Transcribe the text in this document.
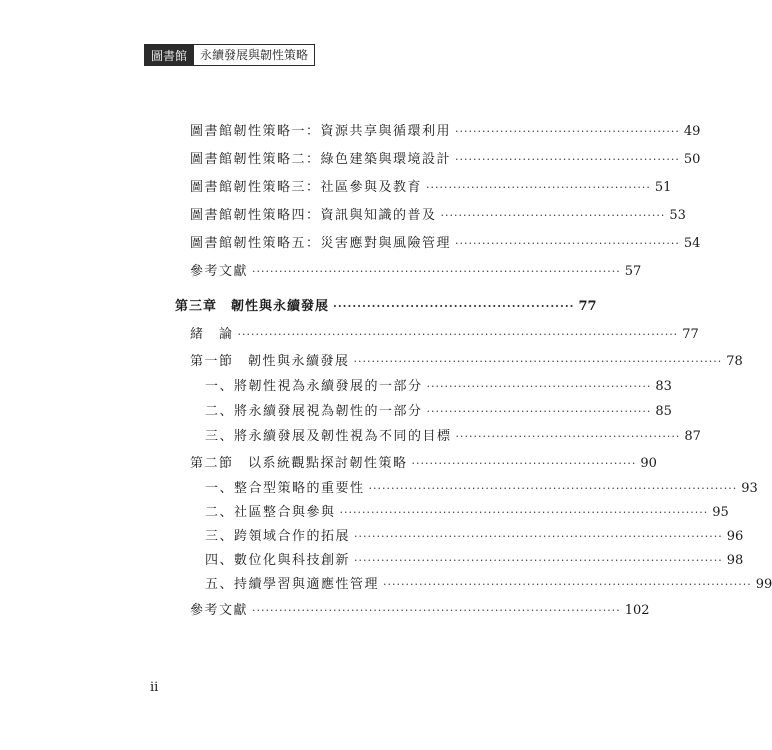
圖書館	永續發展與韌性策略
圖書館韌性策略一：資源共享與循環利用 ·················································· 49
圖書館韌性策略二：綠色建築與環境設計 ·················································· 50
圖書館韌性策略三：社區參與及教育 ·················································· 51
圖書館韌性策略四：資訊與知識的普及 ·················································· 53
圖書館韌性策略五：災害應對與風險管理 ·················································· 54
參考文獻 ·················································································· 57
第三章　韌性與永續發展 ·················································· 77
緒　論 ·································································································· 77
第一節　韌性與永續發展 ·················································································· 78
一、將韌性視為永續發展的一部分 ·················································· 83
二、將永續發展視為韌性的一部分 ·················································· 85
三、將永續發展及韌性視為不同的目標 ·················································· 87
第二節　以系統觀點探討韌性策略 ·················································· 90
一、整合型策略的重要性 ·················································································· 93
二、社區整合與參與 ·················································································· 95
三、跨領域合作的拓展 ·················································································· 96
四、數位化與科技創新 ·················································································· 98
五、持續學習與適應性管理 ·················································································· 99
參考文獻 ·················································································· 102
ii
